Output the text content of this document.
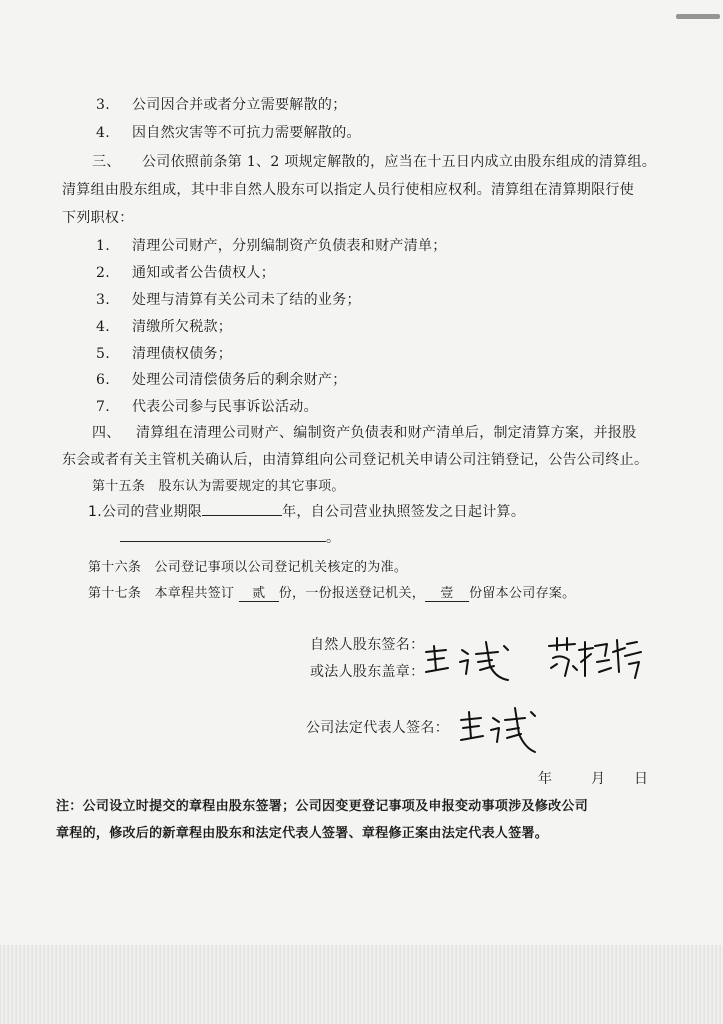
3. 公司因合并或者分立需要解散的；
4. 因自然灾害等不可抗力需要解散的。
三、 公司依照前条第 1、2 项规定解散的，应当在十五日内成立由股东组成的清算组。
清算组由股东组成，其中非自然人股东可以指定人员行使相应权利。清算组在清算期限行使
下列职权：
1. 清理公司财产，分别编制资产负债表和财产清单；
2. 通知或者公告债权人；
3. 处理与清算有关公司未了结的业务；
4. 清缴所欠税款；
5. 清理债权债务；
6. 处理公司清偿债务后的剩余财产；
7. 代表公司参与民事诉讼活动。
四、 清算组在清理公司财产、编制资产负债表和财产清单后，制定清算方案，并报股
东会或者有关主管机关确认后，由清算组向公司登记机关申请公司注销登记，公告公司终止。
第十五条　股东认为需要规定的其它事项。
1.公司的营业期限	年，自公司营业执照签发之日起计算。
。
第十六条　公司登记事项以公司登记机关核定的为准。
第十七条　本章程共签订 贰 份，一份报送登记机关， 壹 份留本公司存案。
自然人股东签名：
或法人股东盖章：
公司法定代表人签名：
年	月 日
注：公司设立时提交的章程由股东签署；公司因变更登记事项及申报变动事项涉及修改公司
章程的，修改后的新章程由股东和法定代表人签署、章程修正案由法定代表人签署。
